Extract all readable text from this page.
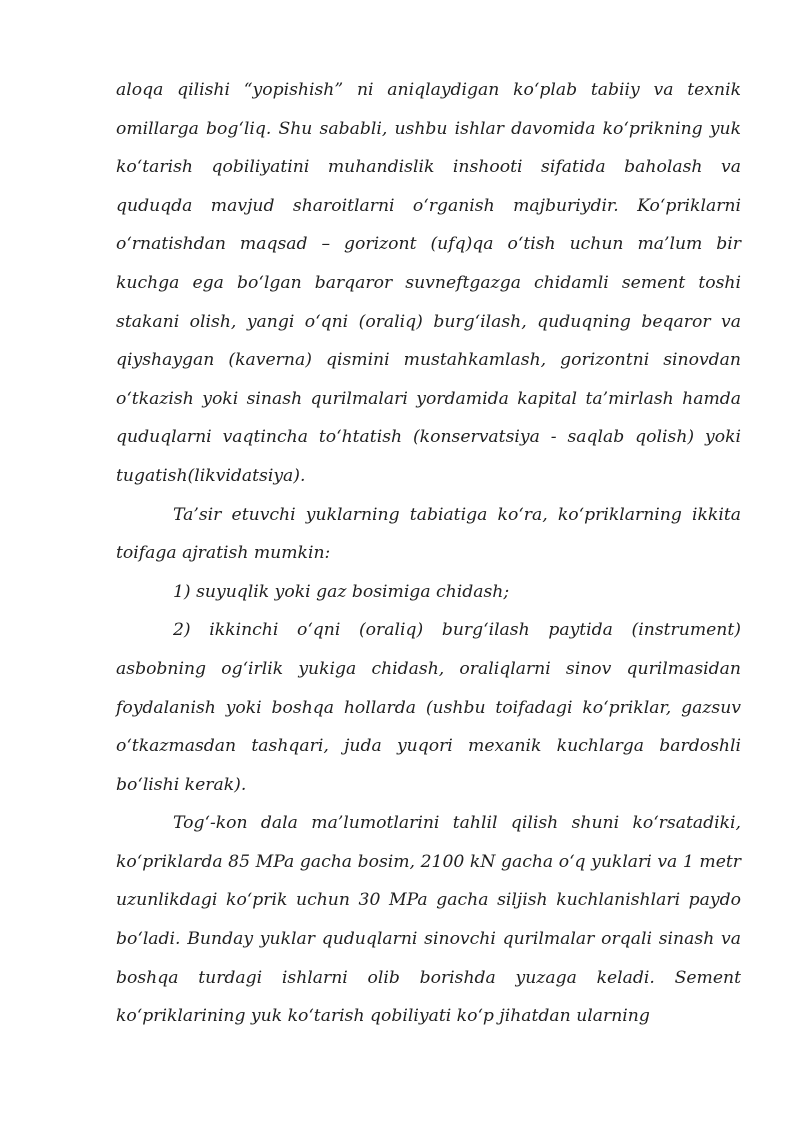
aloqa qilishi “yopishish” ni aniqlaydigan ko‘plab tabiiy va texnik omillarga bog‘liq. Shu sababli, ushbu ishlar davomida ko‘prikning yuk ko‘tarish qobiliyatini muhandislik inshooti sifatida baholash va quduqda mavjud sharoitlarni o‘rganish majburiydir. Ko‘priklarni o‘rnatishdan maqsad – gorizont (ufq)qa o‘tish uchun ma’lum bir kuchga ega bo‘lgan barqaror suvneftgazga chidamli sement toshi stakani olish, yangi o‘qni (oraliq) burg‘ilash, quduqning beqaror va qiyshaygan (kaverna) qismini mustahkamlash, gorizontni sinovdan o‘tkazish yoki sinash qurilmalari yordamida kapital ta’mirlash hamda quduqlarni vaqtincha to‘htatish (konservatsiya - saqlab qolish) yoki tugatish(likvidatsiya).

Ta’sir etuvchi yuklarning tabiatiga ko‘ra, ko‘priklarning ikkita toifaga ajratish mumkin:

1) suyuqlik yoki gaz bosimiga chidash;

2) ikkinchi o‘qni (oraliq) burg‘ilash paytida (instrument) asbobning og‘irlik yukiga chidash, oraliqlarni sinov qurilmasidan foydalanish yoki boshqa hollarda (ushbu toifadagi ko‘priklar, gazsuv o‘tkazmasdan tashqari, juda yuqori mexanik kuchlarga bardoshli bo‘lishi kerak).

Tog‘-kon dala ma’lumotlarini tahlil qilish shuni ko‘rsatadiki, ko‘priklarda 85 MPa gacha bosim, 2100 kN gacha o‘q yuklari va 1 metr uzunlikdagi ko‘prik uchun 30 MPa gacha siljish kuchlanishlari paydo bo‘ladi. Bunday yuklar quduqlarni sinovchi qurilmalar orqali sinash va boshqa turdagi ishlarni olib borishda yuzaga keladi. Sement ko‘priklarining yuk ko‘tarish qobiliyati ko‘p jihatdan ularning
